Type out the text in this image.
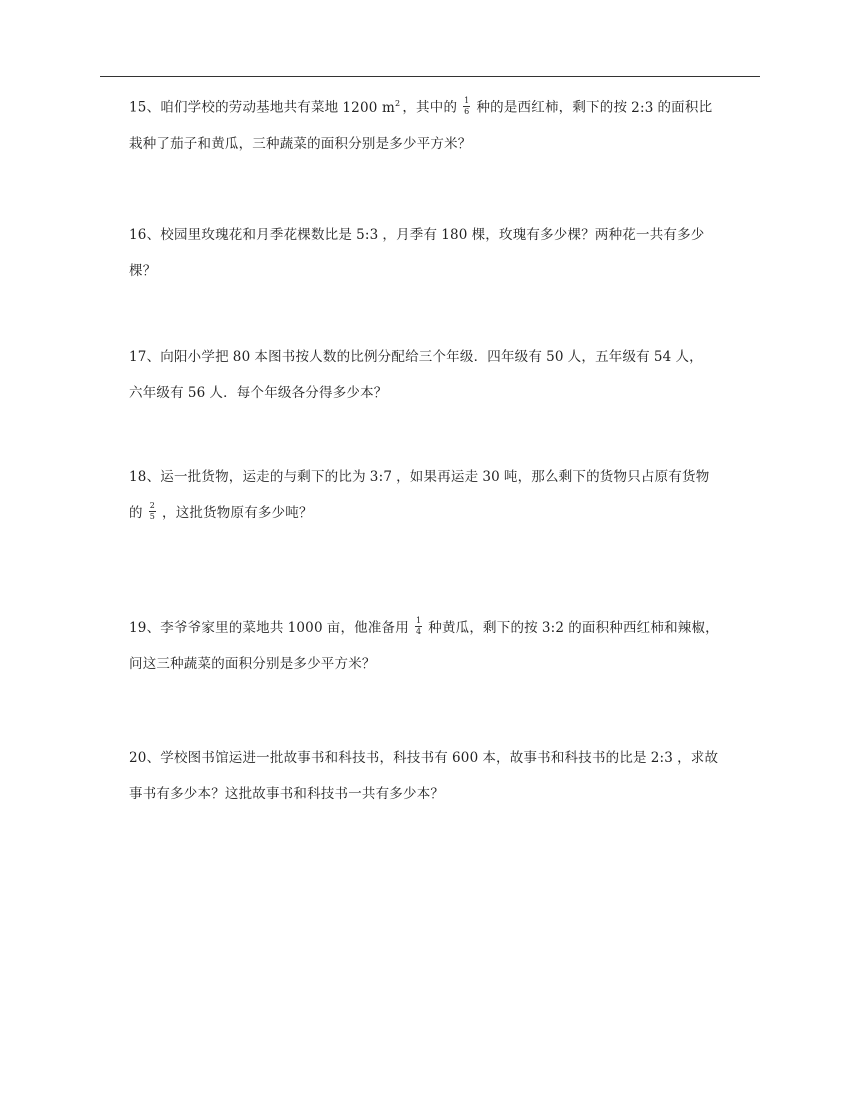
15、咱们学校的劳动基地共有菜地 1200 $m^2$ ，其中的 $\frac{1}{6}$ 种的是西红柿，剩下的按 2:3 的面积比
栽种了茄子和黄瓜，三种蔬菜的面积分别是多少平方米？
16、校园里玫瑰花和月季花棵数比是 5:3 ，月季有 180 棵，玫瑰有多少棵？两种花一共有多少
棵？
17、向阳小学把 80 本图书按人数的比例分配给三个年级．四年级有 50 人，五年级有 54 人，
六年级有 56 人．每个年级各分得多少本？
18、运一批货物，运走的与剩下的比为 3:7 ，如果再运走 30 吨，那么剩下的货物只占原有货物
的 $\frac{2}{5}$ ，这批货物原有多少吨？
19、李爷爷家里的菜地共 1000 亩，他准备用 $\frac{1}{4}$ 种黄瓜，剩下的按 3:2 的面积种西红柿和辣椒，
问这三种蔬菜的面积分别是多少平方米？
20、学校图书馆运进一批故事书和科技书，科技书有 600 本，故事书和科技书的比是 2:3 ，求故
事书有多少本？这批故事书和科技书一共有多少本？
